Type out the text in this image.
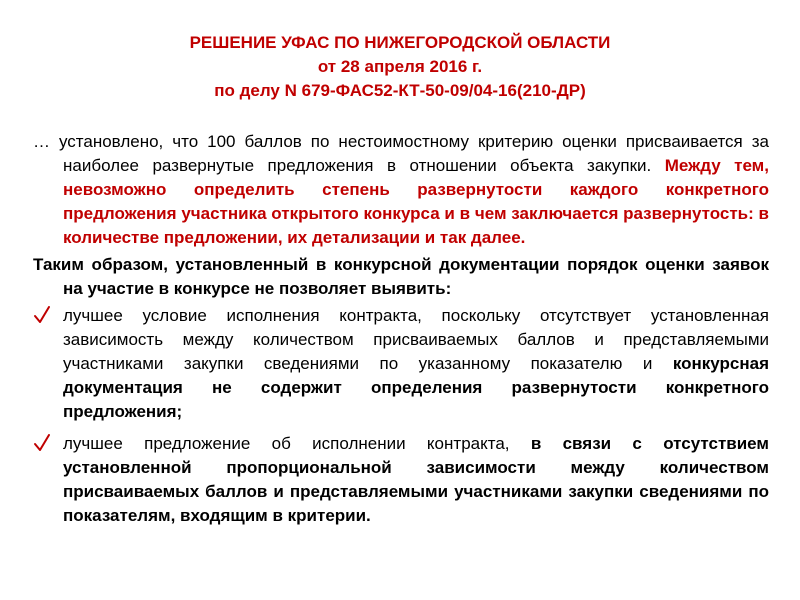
РЕШЕНИЕ УФАС ПО НИЖЕГОРОДСКОЙ ОБЛАСТИ
от 28 апреля 2016 г.
по делу N 679-ФАС52-КТ-50-09/04-16(210-ДР)

… установлено, что 100 баллов по нестоимостному критерию оценки присваивается за наиболее развернутые предложения в отношении объекта закупки. Между тем, невозможно определить степень развернутости каждого конкретного предложения участника открытого конкурса и в чем заключается развернутость: в количестве предложении, их детализации и так далее.

Таким образом, установленный в конкурсной документации порядок оценки заявок на участие в конкурсе не позволяет выявить:

лучшее условие исполнения контракта, поскольку отсутствует установленная зависимость между количеством присваиваемых баллов и представляемыми участниками закупки сведениями по указанному показателю и конкурсная документация не содержит определения развернутости конкретного предложения;

лучшее предложение об исполнении контракта, в связи с отсутствием установленной пропорциональной зависимости между количеством присваиваемых баллов и представляемыми участниками закупки сведениями по показателям, входящим в критерии.
